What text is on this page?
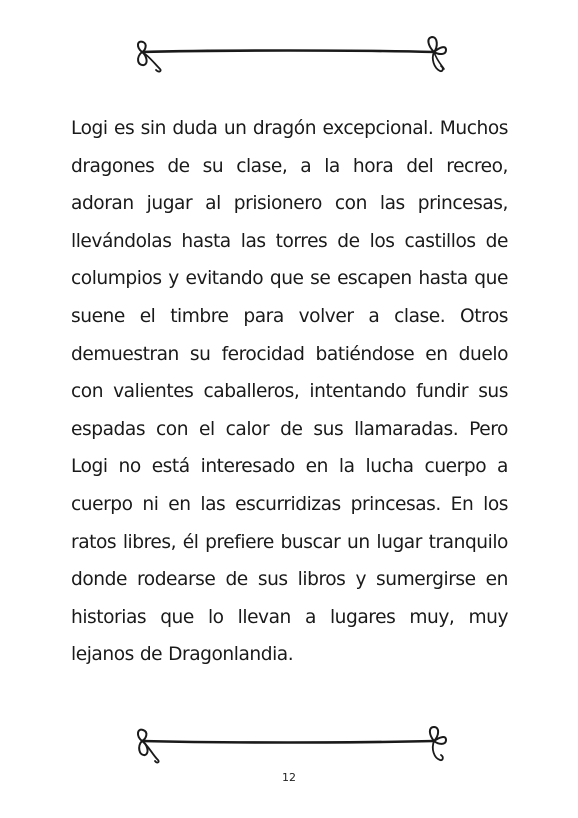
Logi es sin duda un dragón excepcional. Muchos dragones de su clase, a la hora del recreo, adoran jugar al prisionero con las princesas, llevándolas hasta las torres de los castillos de columpios y evitando que se escapen hasta que suene el timbre para volver a clase. Otros demuestran su ferocidad batiéndose en duelo con valientes caballeros, intentando fundir sus espadas con el calor de sus llamaradas. Pero Logi no está interesado en la lucha cuerpo a cuerpo ni en las escurridizas princesas. En los ratos libres, él prefiere buscar un lugar tranquilo donde rodearse de sus libros y sumergirse en historias que lo llevan a lugares muy, muy lejanos de Dragonlandia.

12
